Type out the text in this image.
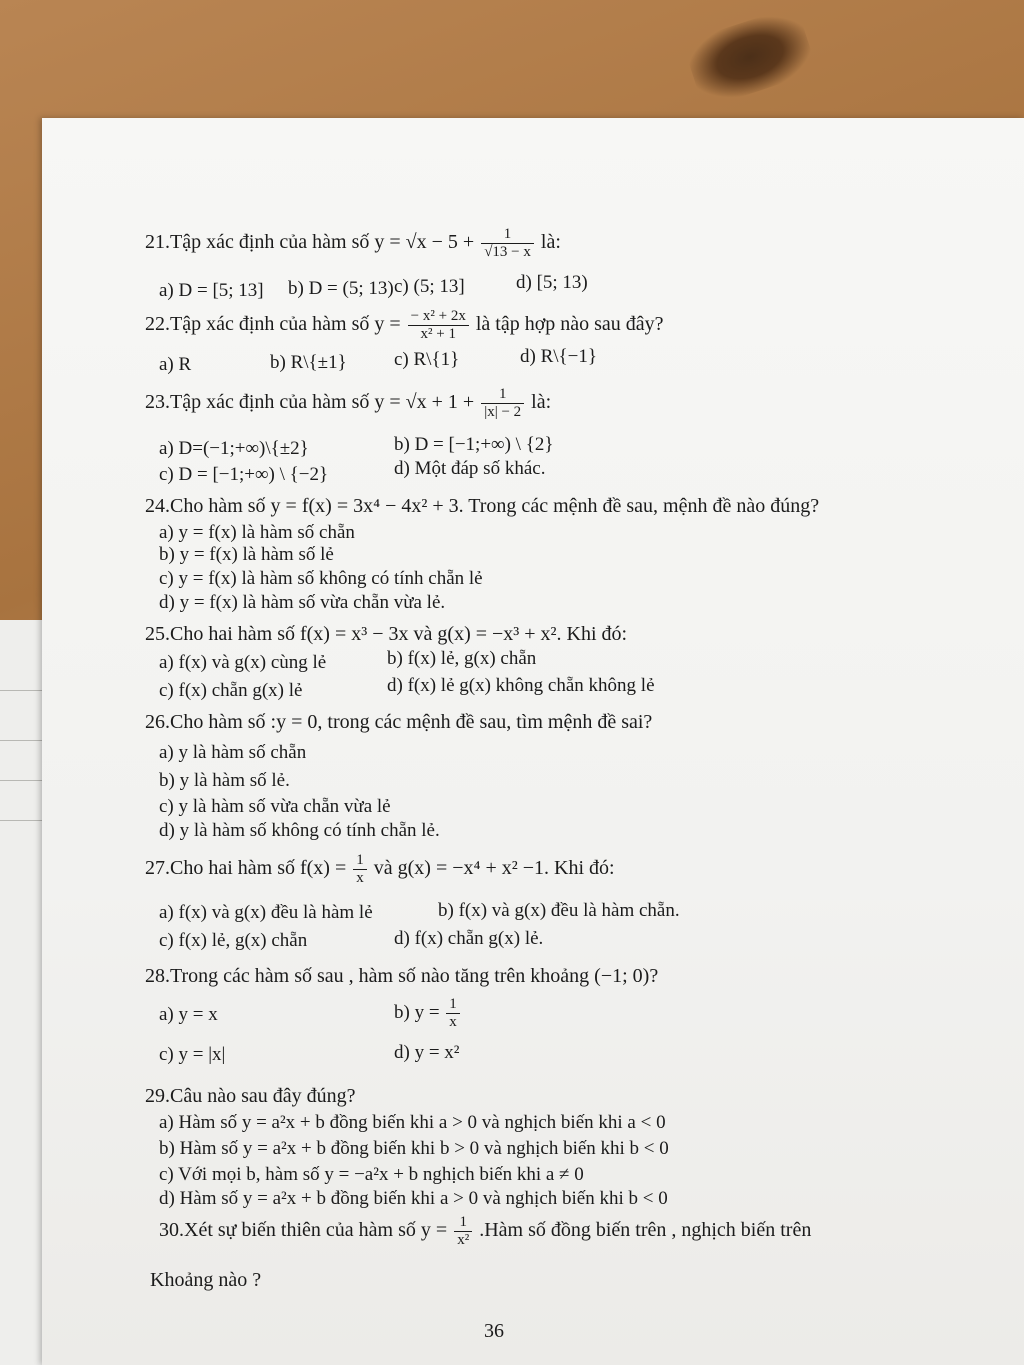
21.Tập xác định của hàm số $y = √x - 5 + \frac{1}{√13 - x}$ là:
a) D = [5; 13] b) D = (5; 13) c) (5; 13]	d) [5; 13)
22.Tập xác định của hàm số $y = \frac{\text{− x² + 2x}}{\text{x² + 1}}$ là tập hợp nào sau đây?
a) R	b) R\{±1} c) R\{1}	d) R\{−1}
23.Tập xác định của hàm số $y = √x + 1 + \frac{1}{|x| - 2}$ là:
a) D=(−1;+∞)\{±2}	b) D = [−1;+∞) \ {2}
c) D = [−1;+∞) \ {−2}	d) Một đáp số khác.
24.Cho hàm số y = f(x) = 3x⁴ − 4x² + 3. Trong các mệnh đề sau, mệnh đề nào đúng?
a) y = f(x) là hàm số chẵn
b) y = f(x) là hàm số lẻ
c) y = f(x) là hàm số không có tính chẵn lẻ
d) y = f(x) là hàm số vừa chẵn vừa lẻ.
25.Cho hai hàm số f(x) = x³ − 3x và g(x) = −x³ + x². Khi đó:
a) f(x) và g(x) cùng lẻ	b) f(x) lẻ, g(x) chẵn
c) f(x) chẵn g(x) lẻ	d) f(x) lẻ g(x) không chẵn không lẻ
26.Cho hàm số :y = 0, trong các mệnh đề sau, tìm mệnh đề sai?
a) y là hàm số chẵn
b) y là hàm số lẻ.
c) y là hàm số vừa chẵn vừa lẻ
d) y là hàm số không có tính chẵn lẻ.
27.Cho hai hàm số $f(x) = \frac{1}{x}$ và g(x) = −x⁴ + x² −1. Khi đó:
a) f(x) và g(x) đều là hàm lẻ	b) f(x) và g(x) đều là hàm chẵn.
c) f(x) lẻ, g(x) chẵn	d) f(x) chẵn g(x) lẻ.
28.Trong các hàm số sau , hàm số nào tăng trên khoảng (−1; 0)?
a) y = x	b) $y = \frac{1}{x}$
c) y = |x|	d) y = x²
29.Câu nào sau đây đúng?
a) Hàm số y = a²x + b đồng biến khi a > 0 và nghịch biến khi a < 0
b) Hàm số y = a²x + b đồng biến khi b > 0 và nghịch biến khi b < 0
c) Với mọi b, hàm số y = −a²x + b nghịch biến khi a ≠ 0
d) Hàm số y = a²x + b đồng biến khi a > 0 và nghịch biến khi b < 0
30.Xét sự biến thiên của hàm số $y = \frac{1}{\text{x²}}$ .Hàm số đồng biến trên , nghịch biến trên
Khoảng nào ?
36
